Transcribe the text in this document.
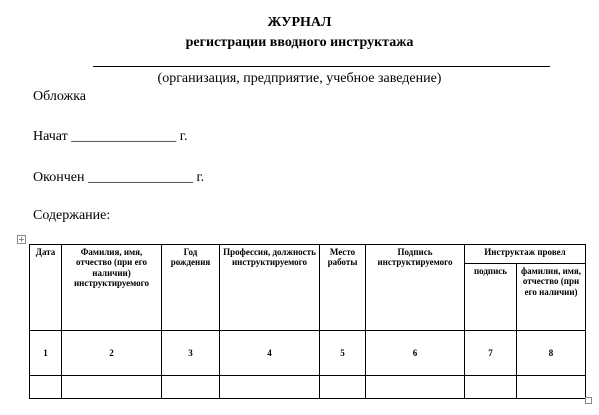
ЖУРНАЛ
регистрации вводного инструктажа
(организация, предприятие, учебное заведение)
Обложка
Начат _______________ г.
Окончен _______________ г.
Содержание:
Дата	Фамилия, имя, отчество (при его наличии) инструктируемого	Год рождения	Профессия, должность инструктируемого	Место работы	Подпись инструктируемого	Инструктаж провел	
						подпись	фамилия, имя, отчество (при его наличии)
1	2	3	4	5	6	7	8
